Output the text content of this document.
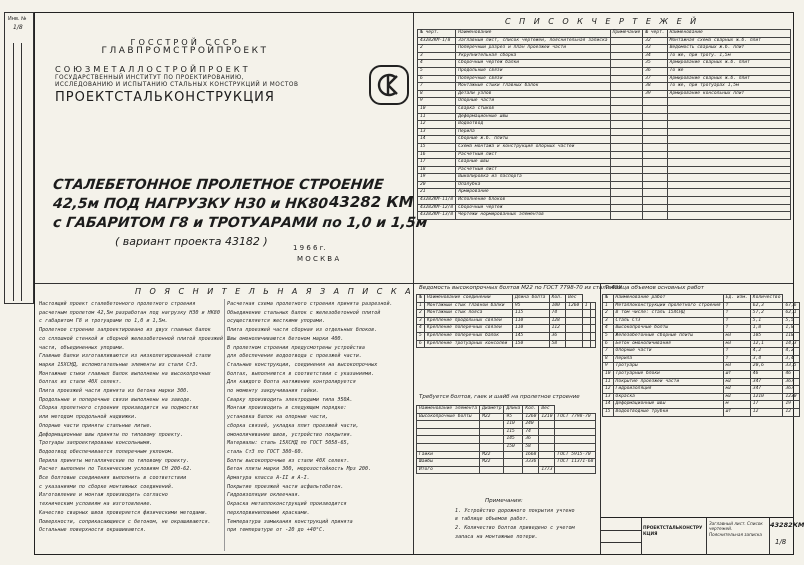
Инв. №
1/8
ГОССТРОЙ СССР
ГЛАВПРОМСТРОЙПРОЕКТ
СОЮЗМЕТАЛЛОСТРОЙПРОЕКТ
ГОСУДАРСТВЕННЫЙ ИНСТИТУТ ПО ПРОЕКТИРОВАНИЮ,
ИССЛЕДОВАНИЮ И ИСПЫТАНИЮ СТАЛЬНЫХ КОНСТРУКЦИЙ И МОСТОВ
ПРОЕКТСТАЛЬКОНСТРУКЦИЯ
СТАЛЕБЕТОННОЕ ПРОЛЕТНОЕ СТРОЕНИЕ
42,5м ПОД НАГРУЗКУ Н30 и НК80
с ГАБАРИТОМ Г8 и ТРОТУАРАМИ по 1,0 и 1,5м
43282 КМ
( вариант проекта 43182 )	1 9 6 6 г.
М О С К В А
С П И С О К Ч Е Р Т Е Ж Е Й
№ черт.	Наименование	Примечание	№ черт.	Наименование
43282КМ-1/8	Заглавный лист, список чертежей, пояснительная записка		32	Монтажная схема сварных ж.б. плит
2	Поперечный разрез и план проезжей части		33	Ведомость сварных ж.б. плит
3	Укрупнительная сборка		34	То же, при троту. 1,5м
4	Сборочный чертеж балки		35	Армирование сварных ж.б. плит
5	Продольные связи		36	То же
6	Поперечные связи		37	Армирование сварных ж.б. плит
7	Монтажные стыки главных балок		38	То же, при тротуарах 1,5м
8	Детали узлов		39	Армирование консольных плит
9	Опорные части			
10	Сварка стыков			
11	Деформационные швы			
12	Водоотвод			
13	Перила			
14	Сборные ж.б. плиты			
15	Схема монтажа и конструкция опорных частей			
16	Расчетный лист			
17	Сварные швы			
18	Расчетный лист			
19	Выкопировка из паспорта			
20	Опалубка			
21	Армирование			
43282КМ-11/8	Исполнение блоков			
43282КМ-12/8	Сборочный чертеж			
43282КМ-13/8	Чертежи нормированных элементов			
П О Я С Н И Т Е Л Ь Н А Я З А П И С К А
Настоящий проект сталебетонного пролетного строения
расчетным пролетом 42,5м разработан под нагрузку Н30 и НК80
с габаритом Г8 и тротуарами по 1,0 и 1,5м.
Пролетное строение запроектировано из двух главных балок
со сплошной стенкой и сборной железобетонной плитой проезжей
части, объединенных упорами.
Главные балки изготавливаются из низколегированной стали
марки 15ХСНД, вспомогательные элементы из стали Ст3.
Монтажные стыки главных балок выполнены на высокопрочных
болтах из стали 40Х селект.
Плита проезжей части принята из бетона марки 300.
Продольные и поперечные связи выполнены на заводе.
Сборка пролетного строения производится на подмостях
или методом продольной надвижки.
Опорные части приняты стальные литые.
Деформационные швы приняты по типовому проекту.
Тротуары запроектированы консольными.
Водоотвод обеспечивается поперечным уклоном.
Перила приняты металлические по типовому проекту.
Расчет выполнен по Техническим условиям СН 200-62.
Все болтовые соединения выполнить в соответствии
с указаниями по сборке монтажных соединений.
Изготовление и монтаж производить согласно
техническим условиям на изготовление.
Качество сварных швов проверяется физическими методами.
Поверхности, соприкасающиеся с бетоном, не окрашиваются.
Остальные поверхности окрашиваются.
Расчетная схема пролетного строения принята разрезной.
Объединение стальных балок с железобетонной плитой
осуществляется жесткими упорами.
Плита проезжей части сборная из отдельных блоков.
Швы омоноличиваются бетоном марки 400.
В пролетном строении предусмотрены устройства
для обеспечения водоотвода с проезжей части.
Стальные конструкции, соединения на высокопрочных
болтах, выполняются в соответствии с указаниями.
Для каждого болта натяжение контролируется
по моменту закручивания гайки.
Сварку производить электродами типа Э50А.
Монтаж производить в следующем порядке:
установка балок на опорные части,
сборка связей, укладка плит проезжей части,
омоноличивание швов, устройство покрытия.
Материалы: сталь 15ХСНД по ГОСТ 5058-65,
сталь Ст3 по ГОСТ 380-60.
Болты высокопрочные из стали 40Х селект.
Бетон плиты марки 300, морозостойкость Мрз 200.
Арматура класса А-II и А-I.
Покрытие проезжей части асфальтобетон.
Гидроизоляция оклеечная.
Окраска металлоконструкций производится
перхлорвиниловыми красками.
Температура замыкания конструкций принята
при температуре от -20 до +40°С.
Ведомость высокопрочных болтов М22 по ГОСТ 7798-70 из стали 40Х
№	Наименование соединений	Длина болта	Кол.	Вес		
1	Монтажный стык главной балки	95	100	1260	1	
2	Монтажный стык пояса	115	74			
3	Крепление продольных связей	110	128			
4	Крепление поперечных связей	110	112			
5	Крепление поперечных балок	145	36			
6	Крепление тротуарных консолей	150	58			
Требуется болтов, гаек и шайб на пролетное строение
Наименование элемента	Диаметр	Длина	Кол.	Вес	
Высокопрочные болты	М22	95	1260	1210	ГОСТ 7798-70
		110	240		
		115	74		
		145	36		
		150	58		
Гайки	М22		1668		ГОСТ 5915-70
Шайбы	М22		3336		ГОСТ 11371-68
Итого				1773	
Примечания:
1. Устройство дорожного покрытия учтено
в таблице объемов работ.
2. Количество болтов приведено с учетом
запаса на монтажные потери.
Таблица объемов основных работ
№	Наименование работ	Ед. изм.	Количество	
1	Металлоконструкции пролетного строения	т	62,3	67,6
2	В том числе: сталь 15ХСНД	т	57,2	62,1
3	Сталь Ст3	т	5,1	5,5
4	Высокопрочные болты	т	1,8	1,8
5	Железобетонные сборные плиты	м3	105	118
6	Бетон омоноличивания	м3	12,1	14,3
7	Опорные части	т	4,2	4,2
8	Перила	т	3,4	3,4
9	Тротуары	м3	20,6	33,5
10	Тротуарные блоки	шт	46	46
11	Покрытие проезжей части	м2	347	367
12	Гидроизоляция	м2	347	367
13	Окраска	м2	1210	1230
14	Деформационные швы	м	17	19
15	Водоотводные трубки	шт	12	12
ПРОЕКТСТАЛЬКОНСТРУКЦИЯ
Заглавный лист. Список чертежей. Пояснительная записка
43282КМ
1/8
